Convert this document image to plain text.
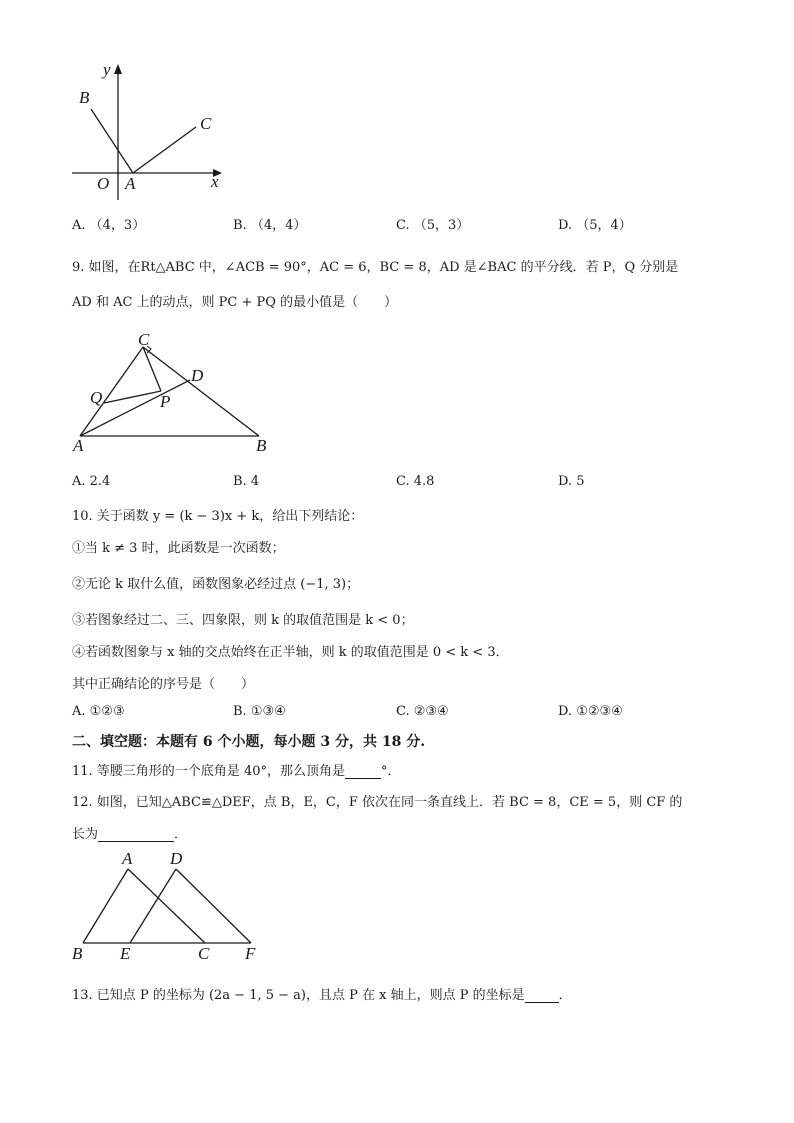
y
x
B
C
O A
A. （4，3）	B. （4，4）	C. （5，3）	D. （5，4）
9. 如图，在Rt△ABC 中，∠ACB = 90°，AC = 6，BC = 8，AD 是∠BAC 的平分线．若 P，Q 分别是
AD 和 AC 上的动点，则 PC + PQ 的最小值是（　　）
C
D
Q	P
A	B
A. 2.4	B. 4	C. 4.8	D. 5
10. 关于函数 y = (k − 3)x + k，给出下列结论：
①当 k ≠ 3 时，此函数是一次函数；
②无论 k 取什么值，函数图象必经过点 (−1, 3)；
③若图象经过二、三、四象限，则 k 的取值范围是 k < 0；
④若函数图象与 x 轴的交点始终在正半轴，则 k 的取值范围是 0 < k < 3．
其中正确结论的序号是（　　）
A. ①②③	B. ①③④	C. ②③④	D. ①②③④
二、填空题：本题有 6 个小题，每小题 3 分，共 18 分.
11. 等腰三角形的一个底角是 40°，那么顶角是	°．
12. 如图，已知△ABC≌△DEF，点 B，E，C，F 依次在同一条直线上．若 BC = 8，CE = 5，则 CF 的
长为	．
A D
B E	C F
13. 已知点 P 的坐标为 (2a − 1, 5 − a)，且点 P 在 x 轴上，则点 P 的坐标是	．
